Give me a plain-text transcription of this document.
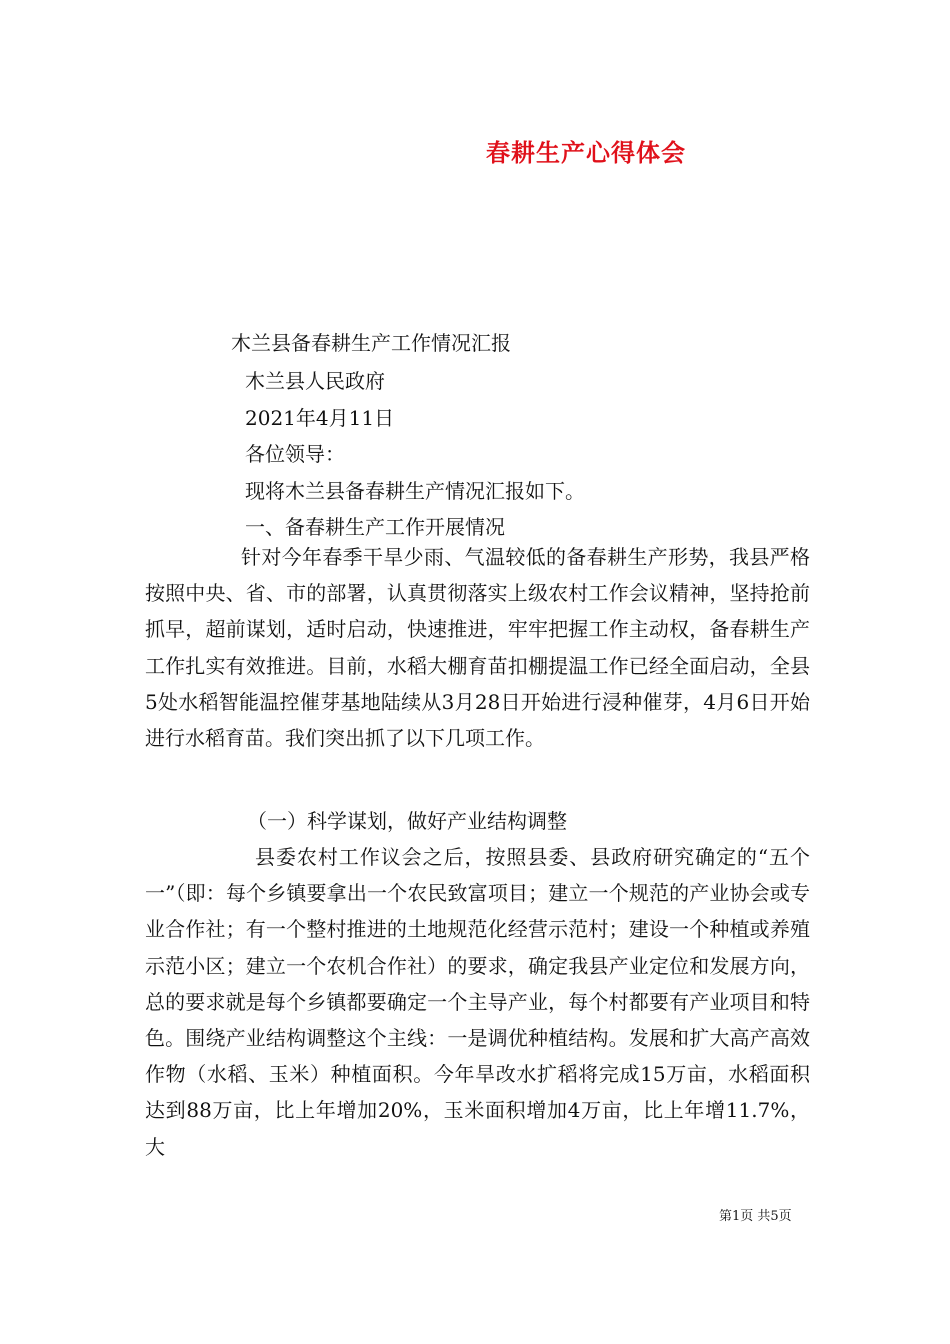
春耕生产心得体会
木兰县备春耕生产工作情况汇报
木兰县人民政府
2021年4月11日
各位领导：
现将木兰县备春耕生产情况汇报如下。
一、备春耕生产工作开展情况

针对今年春季干旱少雨、气温较低的备春耕生产形势，我县严格按照中央、省、市的部署，认真贯彻落实上级农村工作会议精神，坚持抢前抓早，超前谋划，适时启动，快速推进，牢牢把握工作主动权，备春耕生产工作扎实有效推进。目前，水稻大棚育苗扣棚提温工作已经全面启动，全县5处水稻智能温控催芽基地陆续从3月28日开始进行浸种催芽，4月6日开始进行水稻育苗。我们突出抓了以下几项工作。

（一）科学谋划，做好产业结构调整

县委农村工作议会之后，按照县委、县政府研究确定的“五个一”（即：每个乡镇要拿出一个农民致富项目；建立一个规范的产业协会或专业合作社；有一个整村推进的土地规范化经营示范村；建设一个种植或养殖示范小区；建立一个农机合作社）的要求，确定我县产业定位和发展方向，总的要求就是每个乡镇都要确定一个主导产业，每个村都要有产业项目和特色。围绕产业结构调整这个主线：一是调优种植结构。发展和扩大高产高效作物（水稻、玉米）种植面积。今年旱改水扩稻将完成15万亩，水稻面积达到88万亩，比上年增加20%，玉米面积增加4万亩，比上年增11.7%，大

第1页 共5页
